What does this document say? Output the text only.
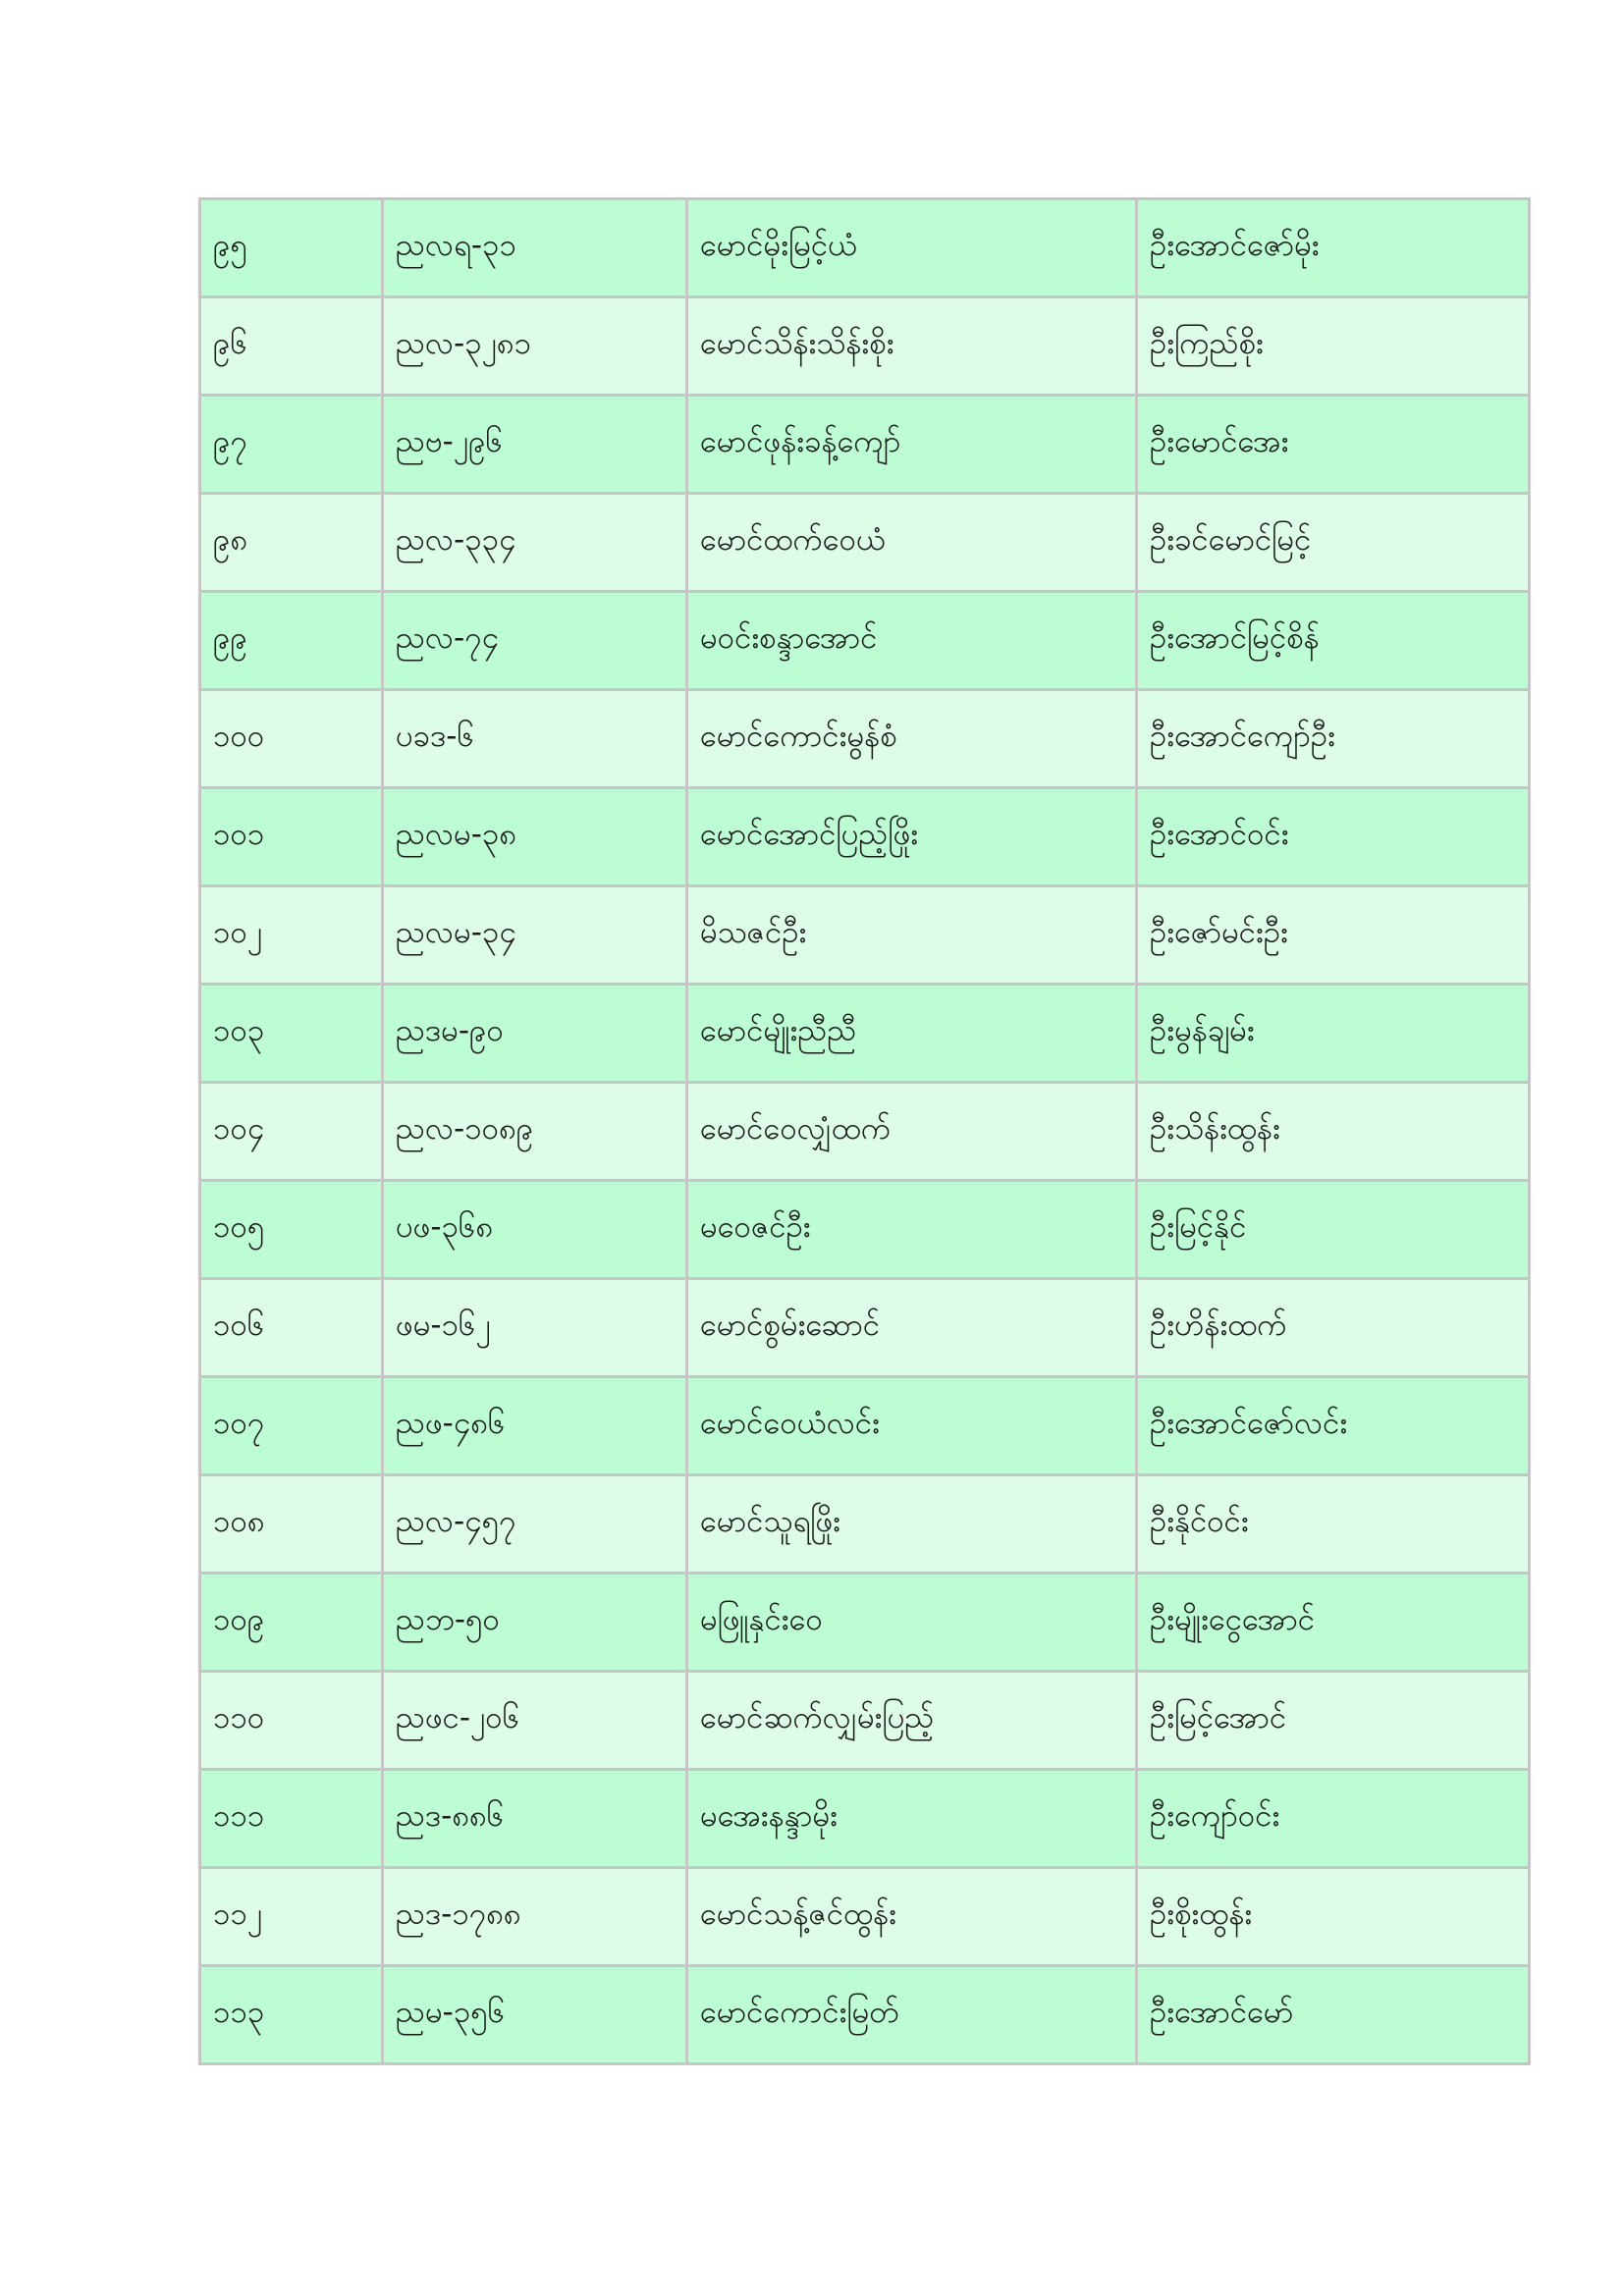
၉၅	ညလရ-၃၁	မောင်မိုးမြင့်ယံ	ဦးအောင်ဇော်မိုး
၉၆	ညလ-၃၂၈၁	မောင်သိန်းသိန်းစိုး	ဦးကြည်စိုး
၉၇	ညဗ-၂၉၆	မောင်ဖုန်းခန့်ကျော်	ဦးမောင်အေး
၉၈	ညလ-၃၃၄	မောင်ထက်ဝေယံ	ဦးခင်မောင်မြင့်
၉၉	ညလ-၇၄	မဝင်းစန္ဒာအောင်	ဦးအောင်မြင့်စိန်
၁၀၀	ပခဒ-၆	မောင်ကောင်းမွန်စံ	ဦးအောင်ကျော်ဦး
၁၀၁	ညလမ-၃၈	မောင်အောင်ပြည့်ဖြိုး	ဦးအောင်ဝင်း
၁၀၂	ညလမ-၃၄	မိသဇင်ဦး	ဦးဇော်မင်းဦး
၁၀၃	ညဒမ-၉၀	မောင်မျိုးညီညီ	ဦးမွန်ချမ်း
၁၀၄	ညလ-၁၀၈၉	မောင်ဝေလျှံထက်	ဦးသိန်းထွန်း
၁၀၅	ပဖ-၃၆၈	မဝေဇင်ဦး	ဦးမြင့်နိုင်
၁၀၆	ဖမ-၁၆၂	မောင်စွမ်းဆောင်	ဦးဟိန်းထက်
၁၀၇	ညဖ-၄၈၆	မောင်ဝေယံလင်း	ဦးအောင်ဇော်လင်း
၁၀၈	ညလ-၄၅၇	မောင်သူရဖြိုး	ဦးနိုင်ဝင်း
၁၀၉	ညဘ-၅၀	မဖြူနှင်းဝေ	ဦးမျိုးငွေအောင်
၁၁၀	ညဖင-၂၀၆	မောင်ဆက်လျှမ်းပြည့်	ဦးမြင့်အောင်
၁၁၁	ညဒ-၈၈၆	မအေးနန္ဒာမိုး	ဦးကျော်ဝင်း
၁၁၂	ညဒ-၁၇၈၈	မောင်သန့်ဇင်ထွန်း	ဦးစိုးထွန်း
၁၁၃	ညမ-၃၅၆	မောင်ကောင်းမြတ်	ဦးအောင်မော်
